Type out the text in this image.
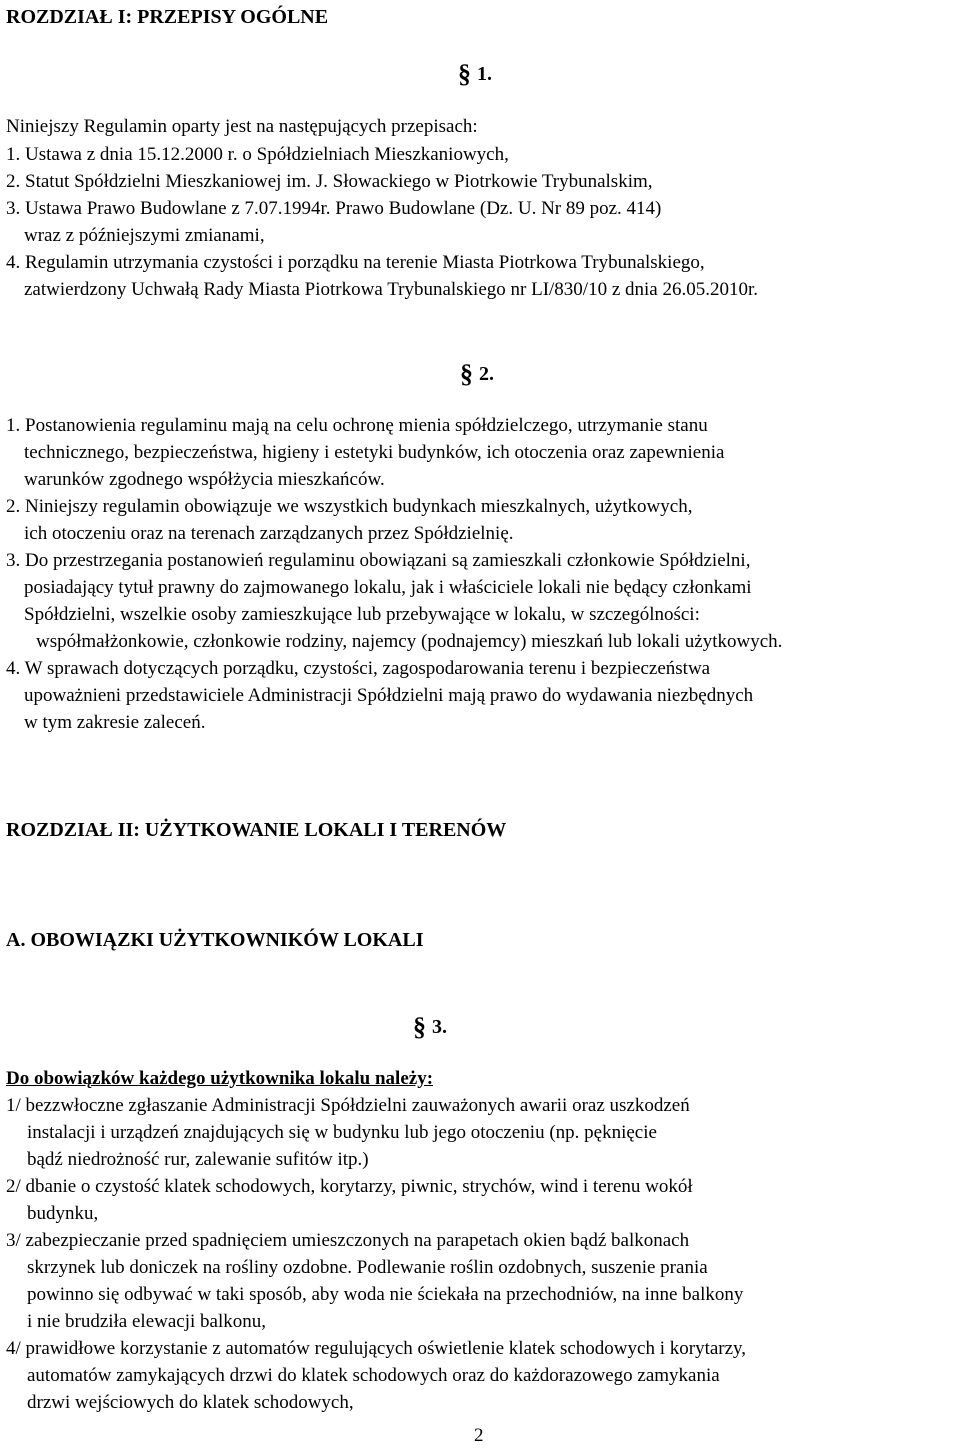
ROZDZIAŁ I: PRZEPISY OGÓLNE
§ 1.
Niniejszy Regulamin oparty jest na następujących przepisach:
1. Ustawa z dnia 15.12.2000 r. o Spółdzielniach Mieszkaniowych,
2. Statut Spółdzielni Mieszkaniowej im. J. Słowackiego w Piotrkowie Trybunalskim,
3. Ustawa Prawo Budowlane z 7.07.1994r. Prawo Budowlane (Dz. U. Nr 89 poz. 414)
wraz z późniejszymi zmianami,
4. Regulamin utrzymania czystości i porządku na terenie Miasta Piotrkowa Trybunalskiego,
zatwierdzony Uchwałą Rady Miasta Piotrkowa Trybunalskiego nr LI/830/10 z dnia 26.05.2010r.
§ 2.
1. Postanowienia regulaminu mają na celu ochronę mienia spółdzielczego, utrzymanie stanu
technicznego, bezpieczeństwa, higieny i estetyki budynków, ich otoczenia oraz zapewnienia
warunków zgodnego współżycia mieszkańców.
2. Niniejszy regulamin obowiązuje we wszystkich budynkach mieszkalnych, użytkowych,
ich otoczeniu oraz na terenach zarządzanych przez Spółdzielnię.
3. Do przestrzegania postanowień regulaminu obowiązani są zamieszkali członkowie Spółdzielni,
posiadający tytuł prawny do zajmowanego lokalu, jak i właściciele lokali nie będący członkami
Spółdzielni, wszelkie osoby zamieszkujące lub przebywające w lokalu, w szczególności:
współmałżonkowie, członkowie rodziny, najemcy (podnajemcy) mieszkań lub lokali użytkowych.
4. W sprawach dotyczących porządku, czystości, zagospodarowania terenu i bezpieczeństwa
upoważnieni przedstawiciele Administracji Spółdzielni mają prawo do wydawania niezbędnych
w tym zakresie zaleceń.
ROZDZIAŁ II: UŻYTKOWANIE LOKALI I TERENÓW
A. OBOWIĄZKI UŻYTKOWNIKÓW LOKALI
§ 3.
Do obowiązków każdego użytkownika lokalu należy:
1/ bezzwłoczne zgłaszanie Administracji Spółdzielni zauważonych awarii oraz uszkodzeń
instalacji i urządzeń znajdujących się w budynku lub jego otoczeniu (np. pęknięcie
bądź niedrożność rur, zalewanie sufitów itp.)
2/ dbanie o czystość klatek schodowych, korytarzy, piwnic, strychów, wind i terenu wokół
budynku,
3/ zabezpieczanie przed spadnięciem umieszczonych na parapetach okien bądź balkonach
skrzynek lub doniczek na rośliny ozdobne. Podlewanie roślin ozdobnych, suszenie prania
powinno się odbywać w taki sposób, aby woda nie ściekała na przechodniów, na inne balkony
i nie brudziła elewacji balkonu,
4/ prawidłowe korzystanie z automatów regulujących oświetlenie klatek schodowych i korytarzy,
automatów zamykających drzwi do klatek schodowych oraz do każdorazowego zamykania
drzwi wejściowych do klatek schodowych,
2
